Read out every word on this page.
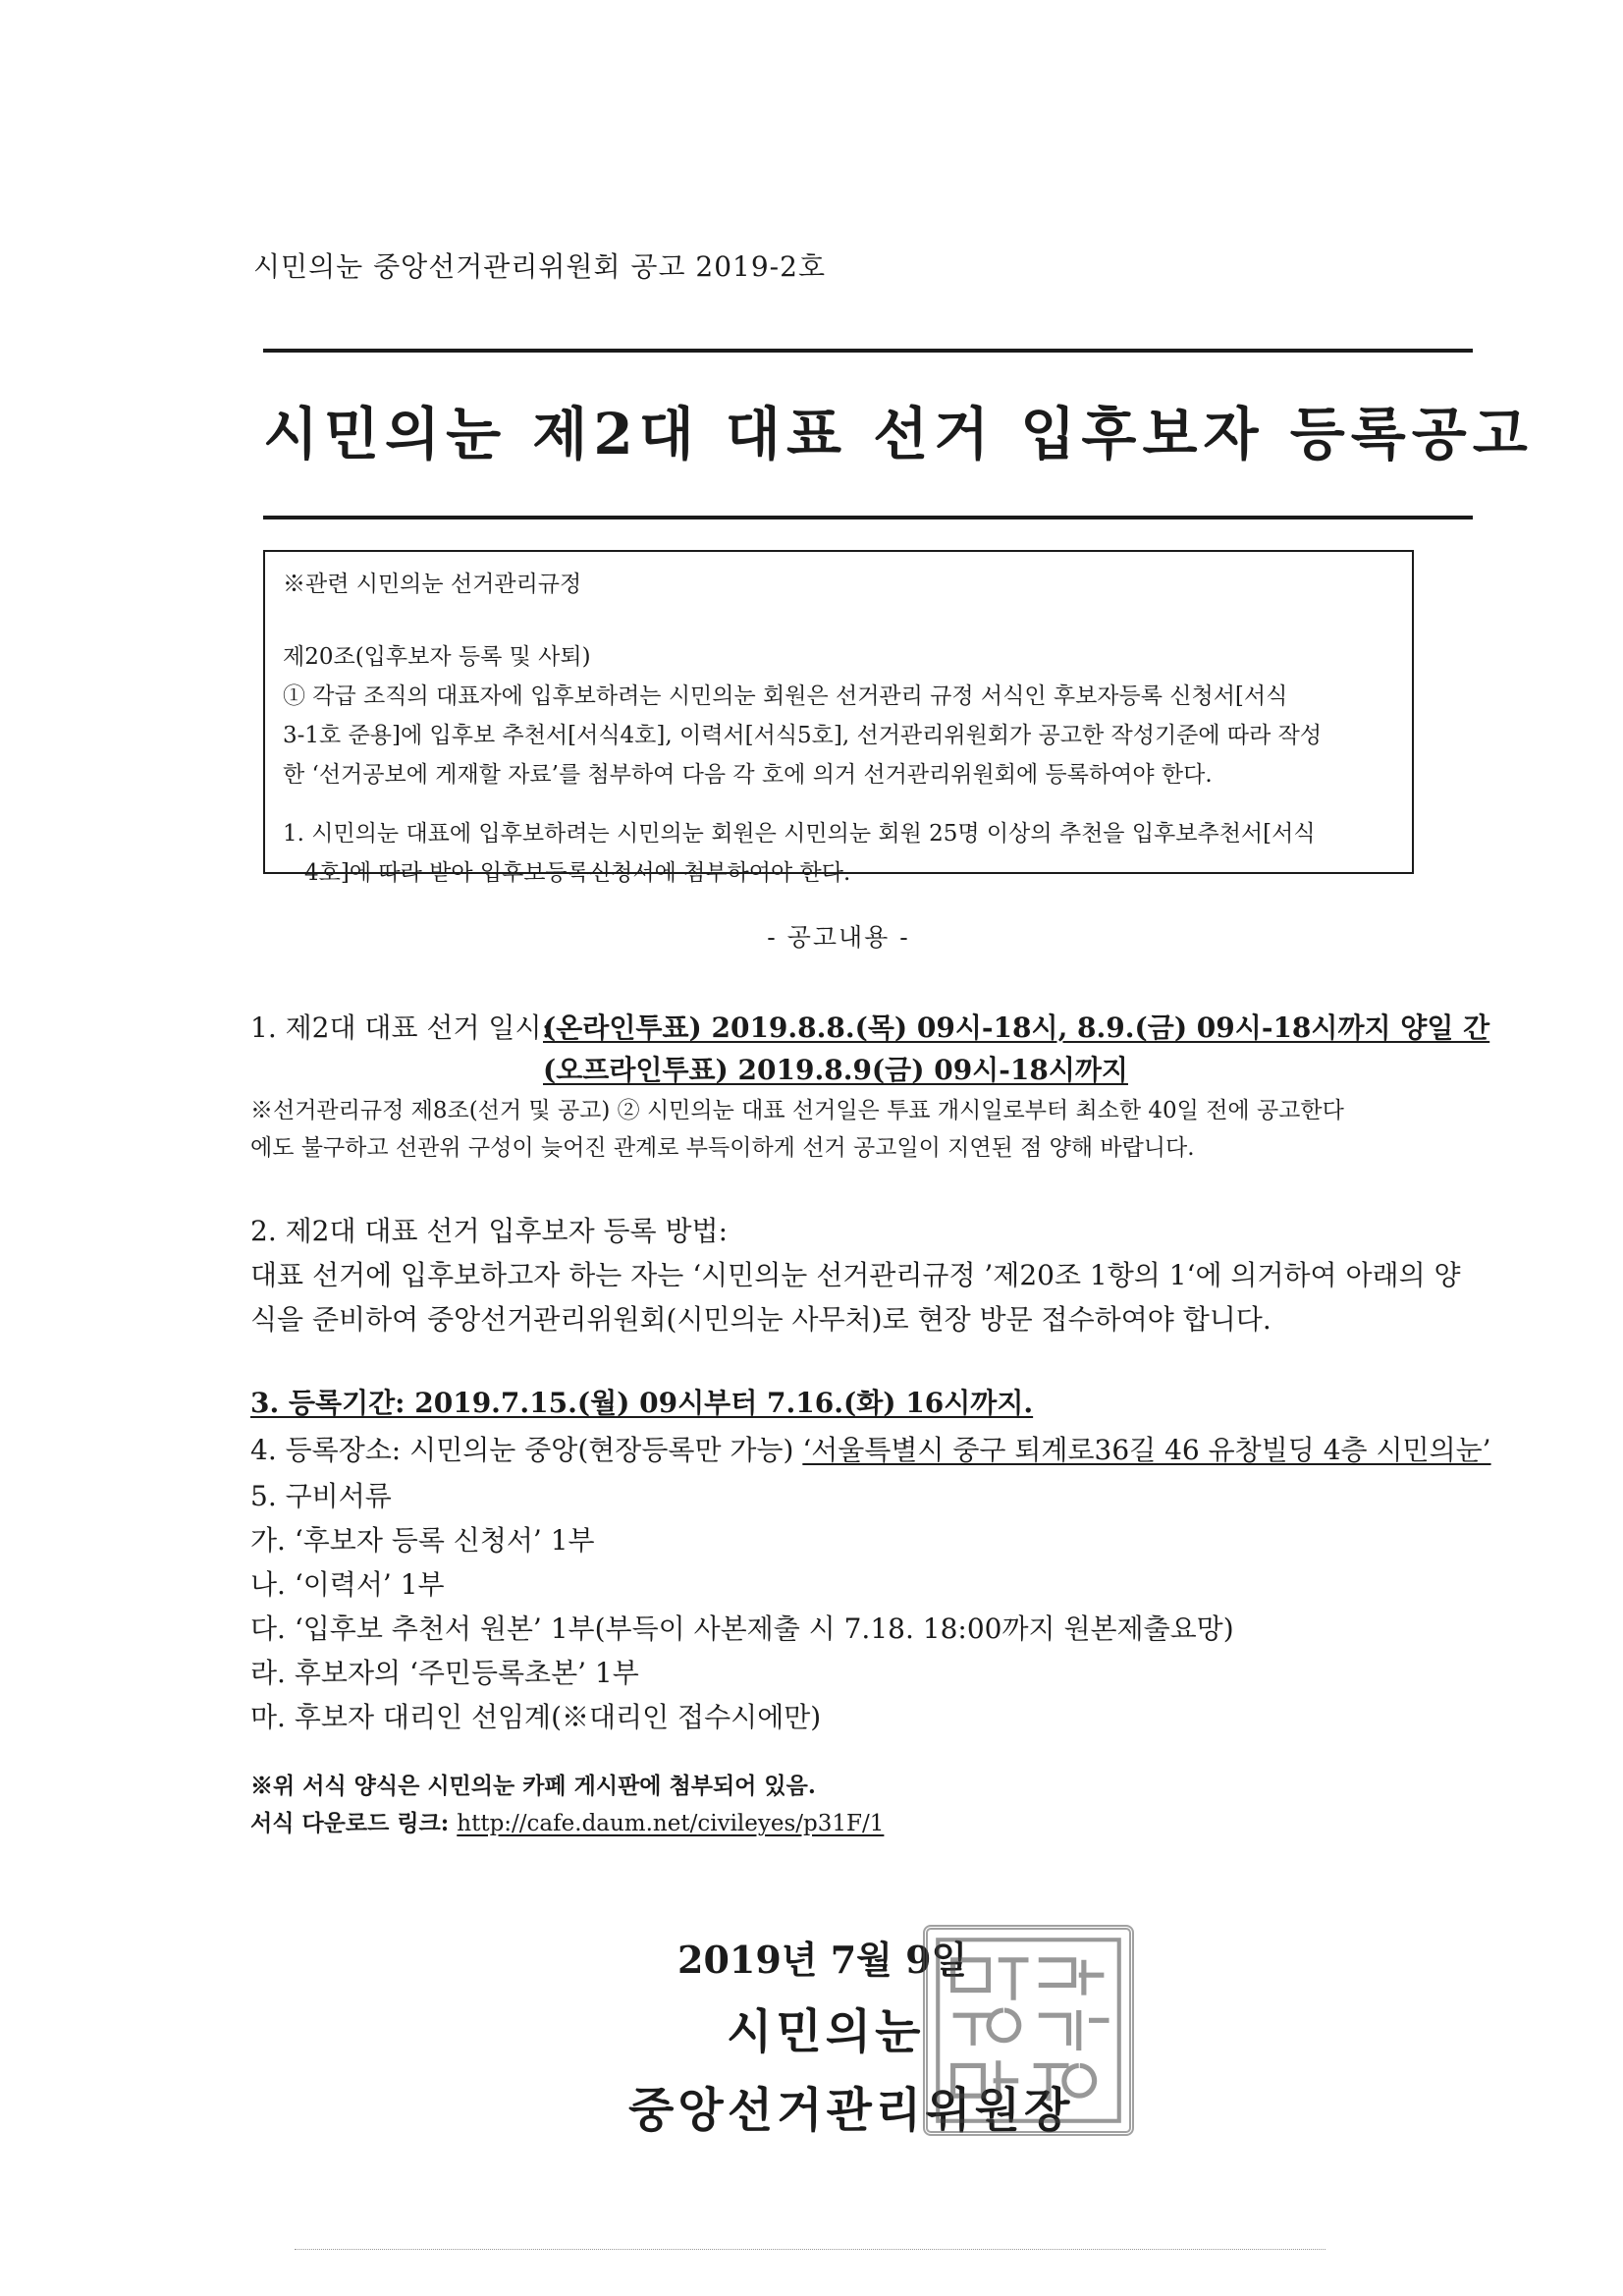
시민의눈 중앙선거관리위원회 공고 2019-2호
시민의눈 제2대 대표 선거 입후보자 등록공고
※관련 시민의눈 선거관리규정
제20조(입후보자 등록 및 사퇴)
① 각급 조직의 대표자에 입후보하려는 시민의눈 회원은 선거관리 규정 서식인 후보자등록 신청서[서식
3-1호 준용]에 입후보 추천서[서식4호], 이력서[서식5호], 선거관리위원회가 공고한 작성기준에 따라 작성
한 ‘선거공보에 게재할 자료’를 첨부하여 다음 각 호에 의거 선거관리위원회에 등록하여야 한다.
1. 시민의눈 대표에 입후보하려는 시민의눈 회원은 시민의눈 회원 25명 이상의 추천을 입후보추천서[서식
4호]에 따라 받아 입후보등록신청서에 첨부하여야 한다.
- 공고내용 -
1. 제2대 대표 선거 일시:
(온라인투표) 2019.8.8.(목) 09시-18시, 8.9.(금) 09시-18시까지 양일 간
(오프라인투표) 2019.8.9(금) 09시-18시까지
※선거관리규정 제8조(선거 및 공고) ② 시민의눈 대표 선거일은 투표 개시일로부터 최소한 40일 전에 공고한다
에도 불구하고 선관위 구성이 늦어진 관계로 부득이하게 선거 공고일이 지연된 점 양해 바랍니다.
2. 제2대 대표 선거 입후보자 등록 방법:
대표 선거에 입후보하고자 하는 자는 ‘시민의눈 선거관리규정 ’제20조 1항의 1‘에 의거하여 아래의 양
식을 준비하여 중앙선거관리위원회(시민의눈 사무처)로 현장 방문 접수하여야 합니다.
3. 등록기간: 2019.7.15.(월) 09시부터 7.16.(화) 16시까지.
4. 등록장소: 시민의눈 중앙(현장등록만 가능) ‘서울특별시 중구 퇴계로36길 46 유창빌딩 4층 시민의눈’
5. 구비서류
가. ‘후보자 등록 신청서’ 1부
나. ‘이력서’ 1부
다. ‘입후보 추천서 원본’ 1부(부득이 사본제출 시 7.18. 18:00까지 원본제출요망)
라. 후보자의 ‘주민등록초본’ 1부
마. 후보자 대리인 선임계(※대리인 접수시에만)
※위 서식 양식은 시민의눈 카페 게시판에 첨부되어 있음.
서식 다운로드 링크: http://cafe.daum.net/civileyes/p31F/1
2019년 7월 9일
시민의눈
중앙선거관리위원장
